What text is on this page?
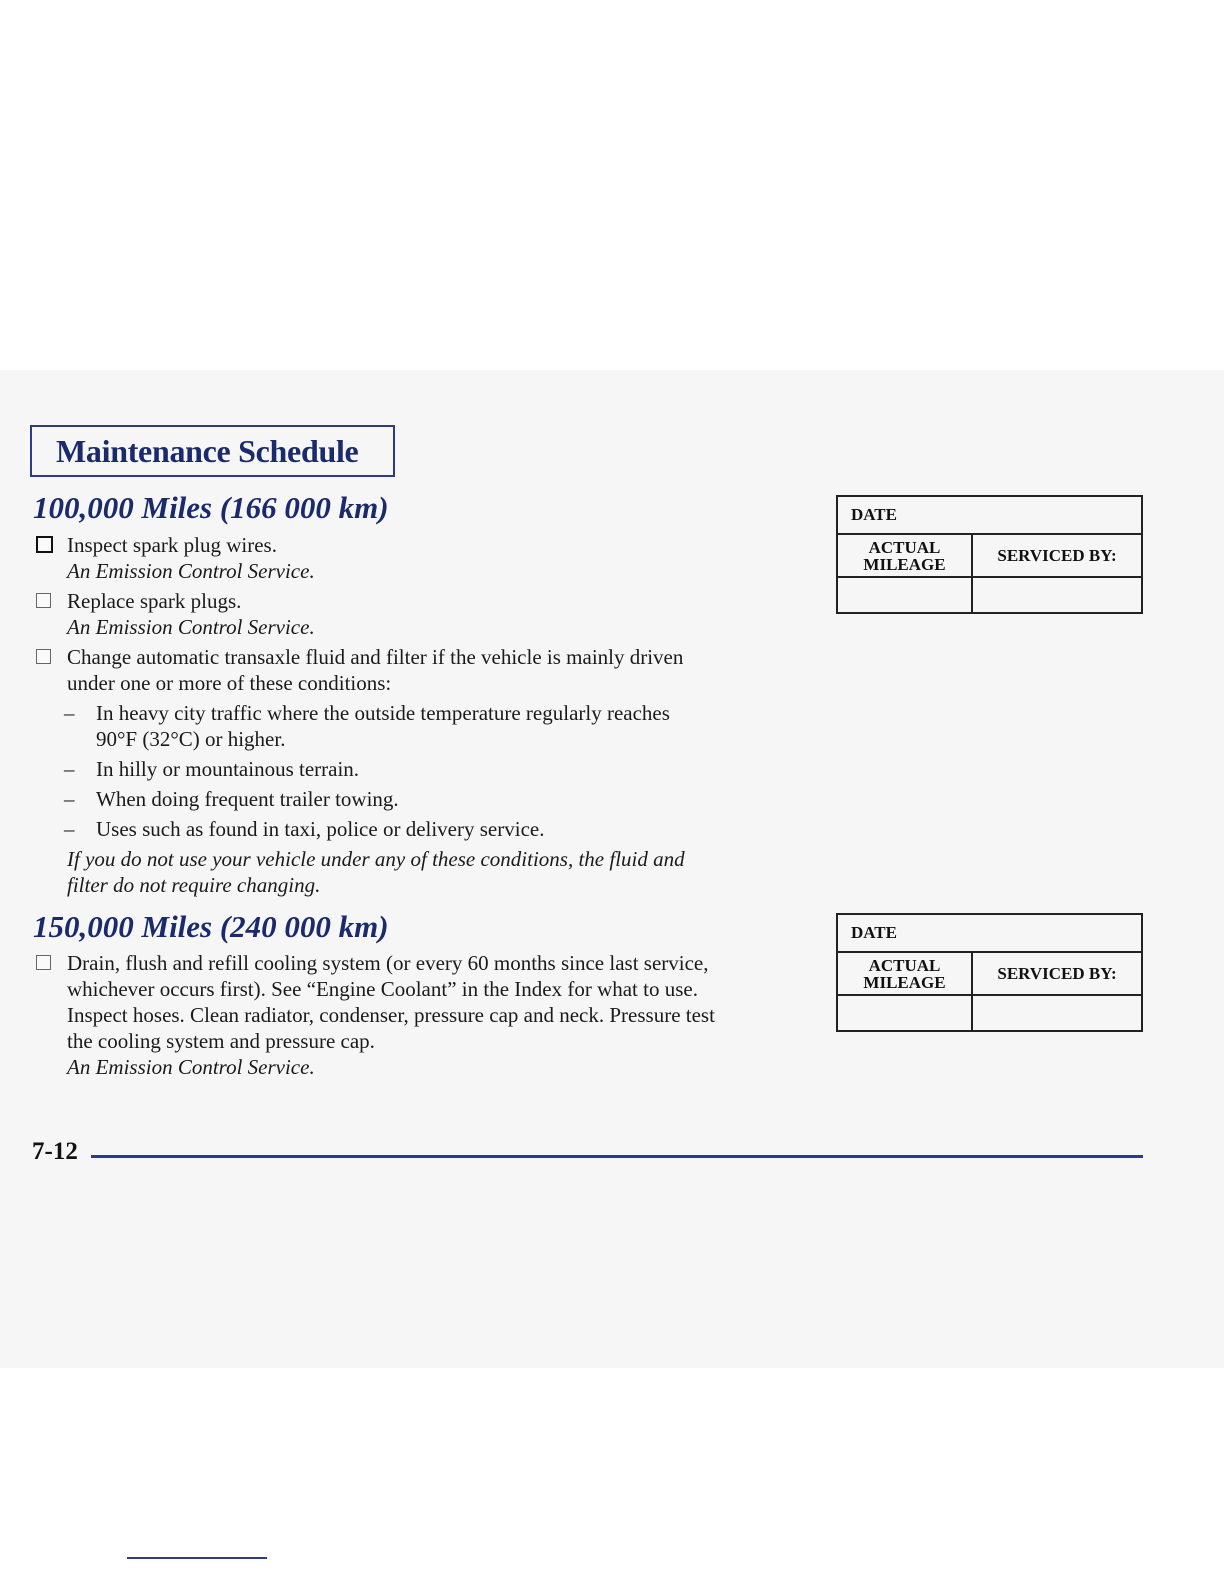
Maintenance Schedule
100,000 Miles (166 000 km)

Inspect spark plug wires.

An Emission Control Service.

Replace spark plugs.

An Emission Control Service.

Change automatic transaxle fluid and filter if the vehicle is mainly driven

under one or more of these conditions:

– In heavy city traffic where the outside temperature regularly reaches

90°F (32°C) or higher.

– In hilly or mountainous terrain.

– When doing frequent trailer towing.

– Uses such as found in taxi, police or delivery service.

If you do not use your vehicle under any of these conditions, the fluid and

filter do not require changing.

DATE	

ACTUAL
MILEAGE	SERVICED BY:

150,000 Miles (240 000 km)

Drain, flush and refill cooling system (or every 60 months since last service,

whichever occurs first). See “Engine Coolant” in the Index for what to use.

Inspect hoses. Clean radiator, condenser, pressure cap and neck. Pressure test

the cooling system and pressure cap.

An Emission Control Service.

DATE	

ACTUAL
MILEAGE	SERVICED BY:

7-12
